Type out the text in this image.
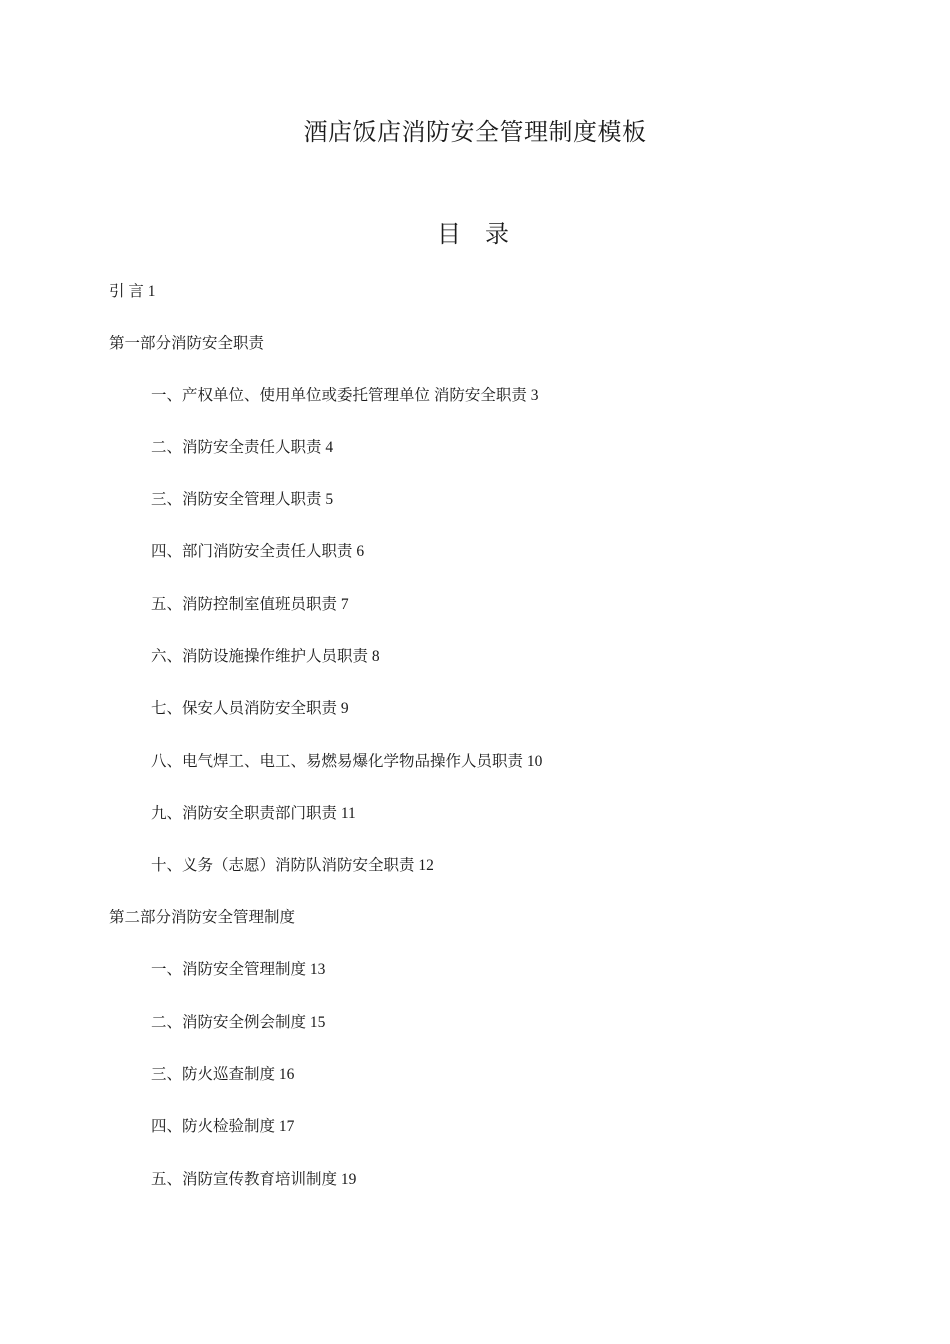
酒店饭店消防安全管理制度模板
目  录
引 言 1
第一部分消防安全职责
一、产权单位、使用单位或委托管理单位 消防安全职责 3
二、消防安全责任人职责 4
三、消防安全管理人职责 5
四、部门消防安全责任人职责 6
五、消防控制室值班员职责 7
六、消防设施操作维护人员职责 8
七、保安人员消防安全职责 9
八、电气焊工、电工、易燃易爆化学物品操作人员职责 10
九、消防安全职责部门职责 11
十、义务（志愿）消防队消防安全职责 12
第二部分消防安全管理制度
一、消防安全管理制度 13
二、消防安全例会制度 15
三、防火巡查制度 16
四、防火检验制度 17
五、消防宣传教育培训制度 19
